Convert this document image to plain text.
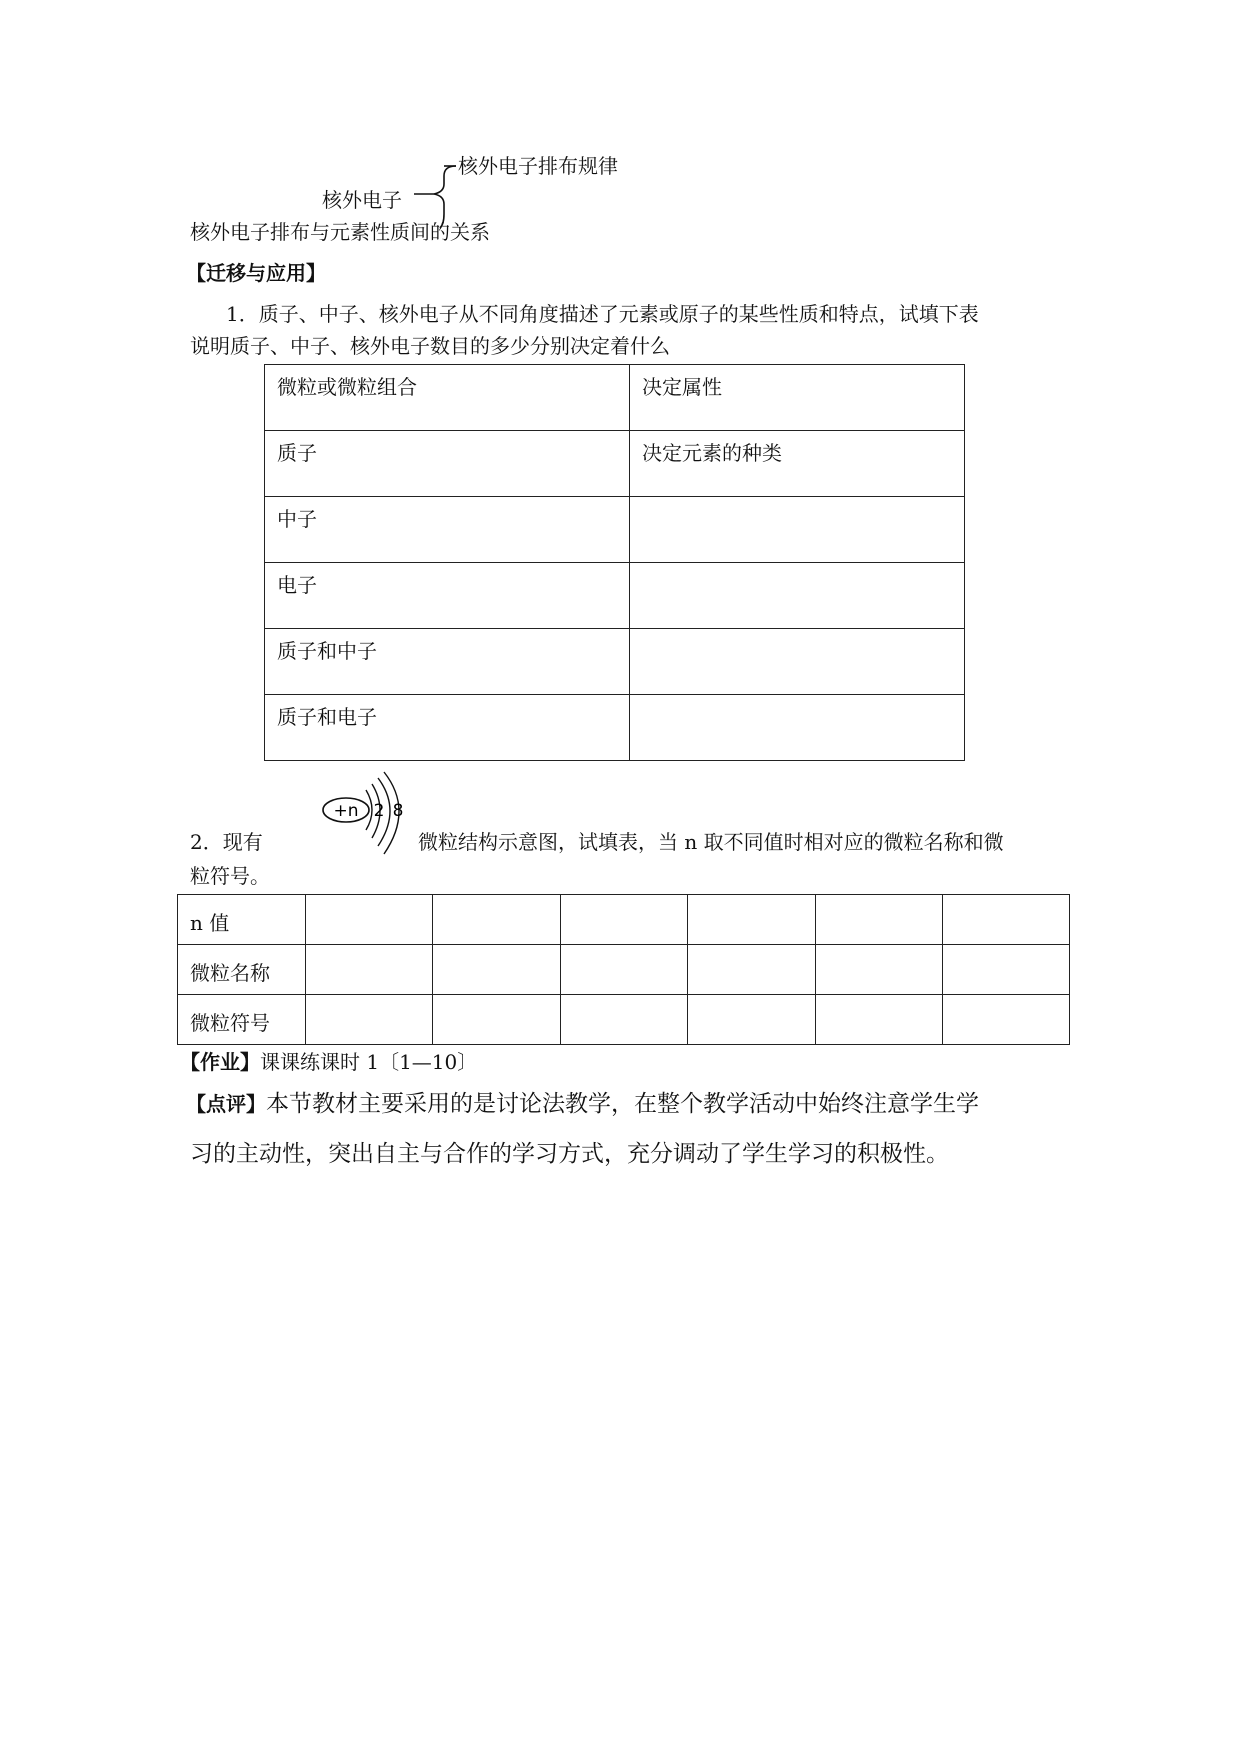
核外电子排布规律
核外电子
核外电子排布与元素性质间的关系
【迁移与应用】
1．质子、中子、核外电子从不同角度描述了元素或原子的某些性质和特点，试填下表
说明质子、中子、核外电子数目的多少分别决定着什么
微粒或微粒组合	决定属性
质子	决定元素的种类
中子	
电子	
质子和中子	
质子和电子	
2．现有
+n 2 8
微粒结构示意图，试填表，当 n 取不同值时相对应的微粒名称和微
粒符号。
n 值						
微粒名称						
微粒符号						
【作业】课课练课时 1〔1—10〕
【点评】本节教材主要采用的是讨论法教学，在整个教学活动中始终注意学生学
习的主动性，突出自主与合作的学习方式，充分调动了学生学习的积极性。
